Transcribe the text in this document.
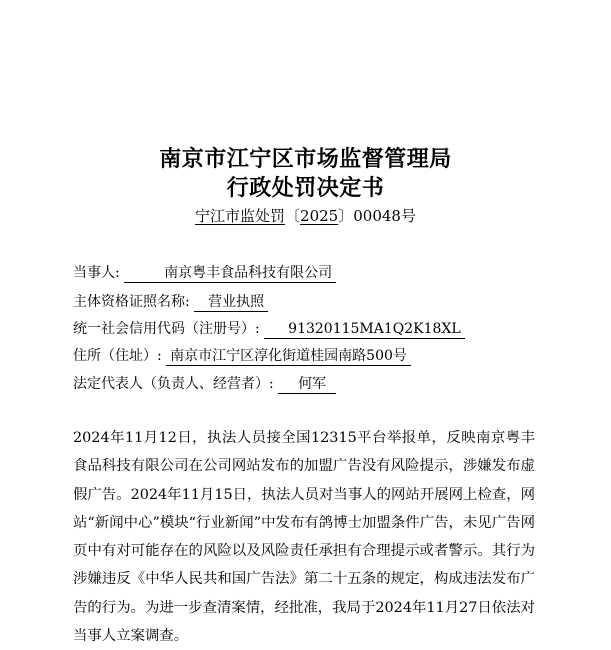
南京市江宁区市场监督管理局
行政处罚决定书
宁江市监处罚〔2025〕00048号
当事人:	南京粤丰食品科技有限公司
主体资格证照名称: 营业执照
统一社会信用代码（注册号）: 91320115MA1Q2K18XL
住所（住址）: 南京市江宁区淳化街道桂园南路500号
法定代表人（负责人、经营者）: 何军

2024年11月12日，执法人员接全国12315平台举报单，反映南京粤丰食品科技有限公司在公司网站发布的加盟广告没有风险提示，涉嫌发布虚假广告。2024年11月15日，执法人员对当事人的网站开展网上检查，网站“新闻中心”模块“行业新闻”中发布有鸽博士加盟条件广告，未见广告网页中有对可能存在的风险以及风险责任承担有合理提示或者警示。其行为涉嫌违反《中华人民共和国广告法》第二十五条的规定，构成违法发布广告的行为。为进一步查清案情，经批准，我局于2024年11月27日依法对当事人立案调查。
